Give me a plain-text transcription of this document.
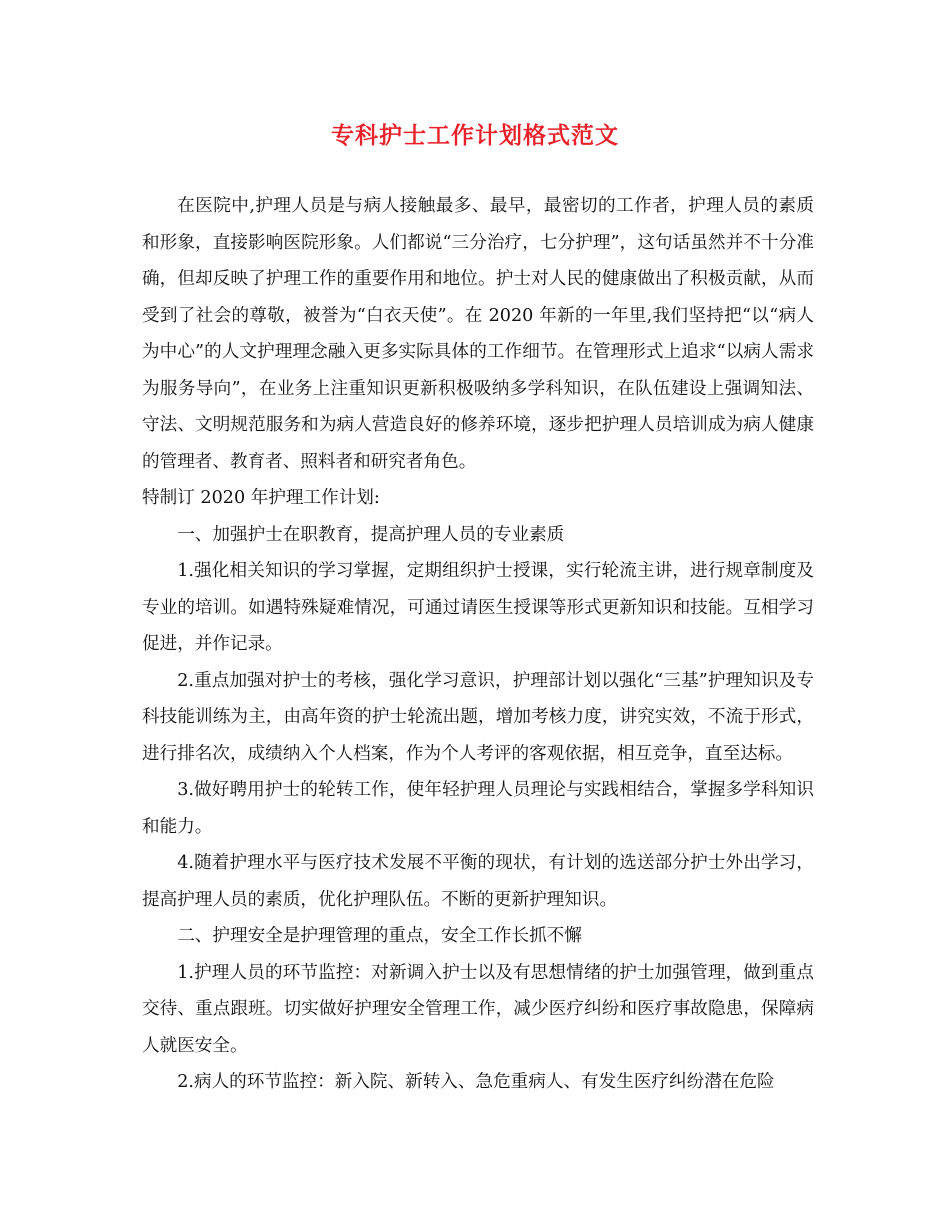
专科护士工作计划格式范文

在医院中,护理人员是与病人接触最多、最早，最密切的工作者，护理人员的素质和形象，直接影响医院形象。人们都说“三分治疗，七分护理”，这句话虽然并不十分准确，但却反映了护理工作的重要作用和地位。护士对人民的健康做出了积极贡献，从而受到了社会的尊敬，被誉为“白衣天使”。在 2020 年新的一年里,我们坚持把“以“病人为中心”的人文护理理念融入更多实际具体的工作细节。在管理形式上追求“以病人需求为服务导向”，在业务上注重知识更新积极吸纳多学科知识，在队伍建设上强调知法、守法、文明规范服务和为病人营造良好的修养环境，逐步把护理人员培训成为病人健康的管理者、教育者、照料者和研究者角色。

特制订 2020 年护理工作计划:

一、加强护士在职教育，提高护理人员的专业素质

1.强化相关知识的学习掌握，定期组织护士授课，实行轮流主讲，进行规章制度及专业的培训。如遇特殊疑难情况，可通过请医生授课等形式更新知识和技能。互相学习促进，并作记录。

2.重点加强对护士的考核，强化学习意识，护理部计划以强化“三基”护理知识及专科技能训练为主，由高年资的护士轮流出题，增加考核力度，讲究实效，不流于形式，进行排名次，成绩纳入个人档案，作为个人考评的客观依据，相互竞争，直至达标。

3.做好聘用护士的轮转工作，使年轻护理人员理论与实践相结合，掌握多学科知识和能力。

4.随着护理水平与医疗技术发展不平衡的现状，有计划的选送部分护士外出学习，提高护理人员的素质，优化护理队伍。不断的更新护理知识。

二、护理安全是护理管理的重点，安全工作长抓不懈

1.护理人员的环节监控：对新调入护士以及有思想情绪的护士加强管理，做到重点交待、重点跟班。切实做好护理安全管理工作，减少医疗纠纷和医疗事故隐患，保障病人就医安全。

2.病人的环节监控：新入院、新转入、急危重病人、有发生医疗纠纷潜在危险
